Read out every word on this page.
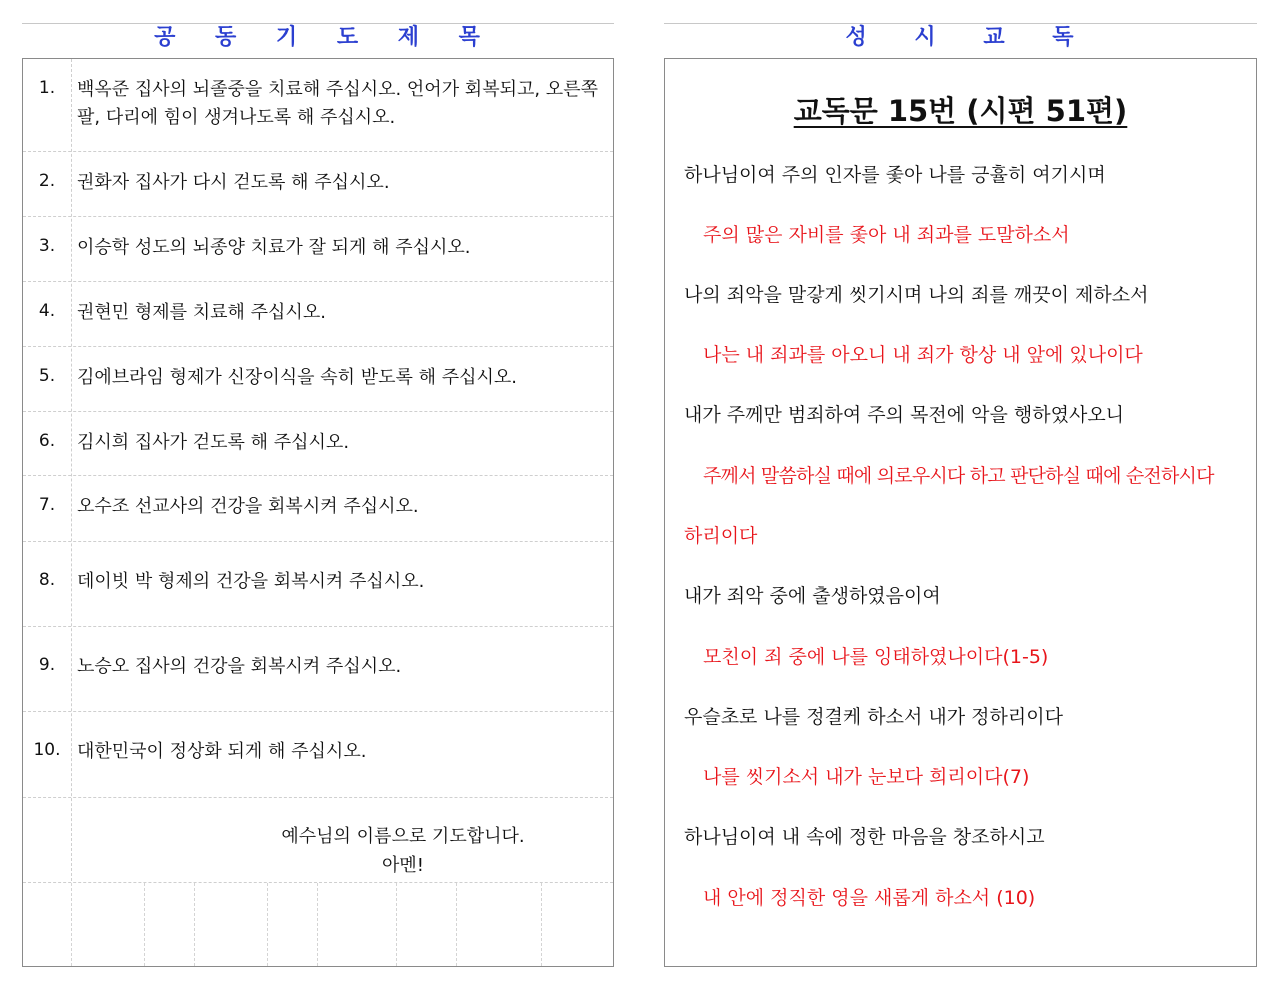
공 동 기 도 제 목
1.	백옥준 집사의 뇌졸중을 치료해 주십시오. 언어가 회복되고, 오른쪽 팔, 다리에 힘이 생겨나도록 해 주십시오.
2.	권화자 집사가 다시 걷도록 해 주십시오.
3.	이승학 성도의 뇌종양 치료가 잘 되게 해 주십시오.
4.	권현민 형제를 치료해 주십시오.
5.	김에브라임 형제가 신장이식을 속히 받도록 해 주십시오.
6.	김시희 집사가 걷도록 해 주십시오.
7.	오수조 선교사의 건강을 회복시켜 주십시오.
8.	데이빗 박 형제의 건강을 회복시켜 주십시오.
9.	노승오 집사의 건강을 회복시켜 주십시오.
10. 대한민국이 정상화 되게 해 주십시오.
예수님의 이름으로 기도합니다.
아멘!
성 시 교 독
교독문 15번 (시편 51편)
하나님이여 주의 인자를 좇아 나를 긍휼히 여기시며
주의 많은 자비를 좇아 내 죄과를 도말하소서
나의 죄악을 말갛게 씻기시며 나의 죄를 깨끗이 제하소서
나는 내 죄과를 아오니 내 죄가 항상 내 앞에 있나이다
내가 주께만 범죄하여 주의 목전에 악을 행하였사오니
주께서 말씀하실 때에 의로우시다 하고 판단하실 때에 순전하시다
하리이다
내가 죄악 중에 출생하였음이여
모친이 죄 중에 나를 잉태하였나이다(1-5)
우슬초로 나를 정결케 하소서 내가 정하리이다
나를 씻기소서 내가 눈보다 희리이다(7)
하나님이여 내 속에 정한 마음을 창조하시고
내 안에 정직한 영을 새롭게 하소서 (10)
